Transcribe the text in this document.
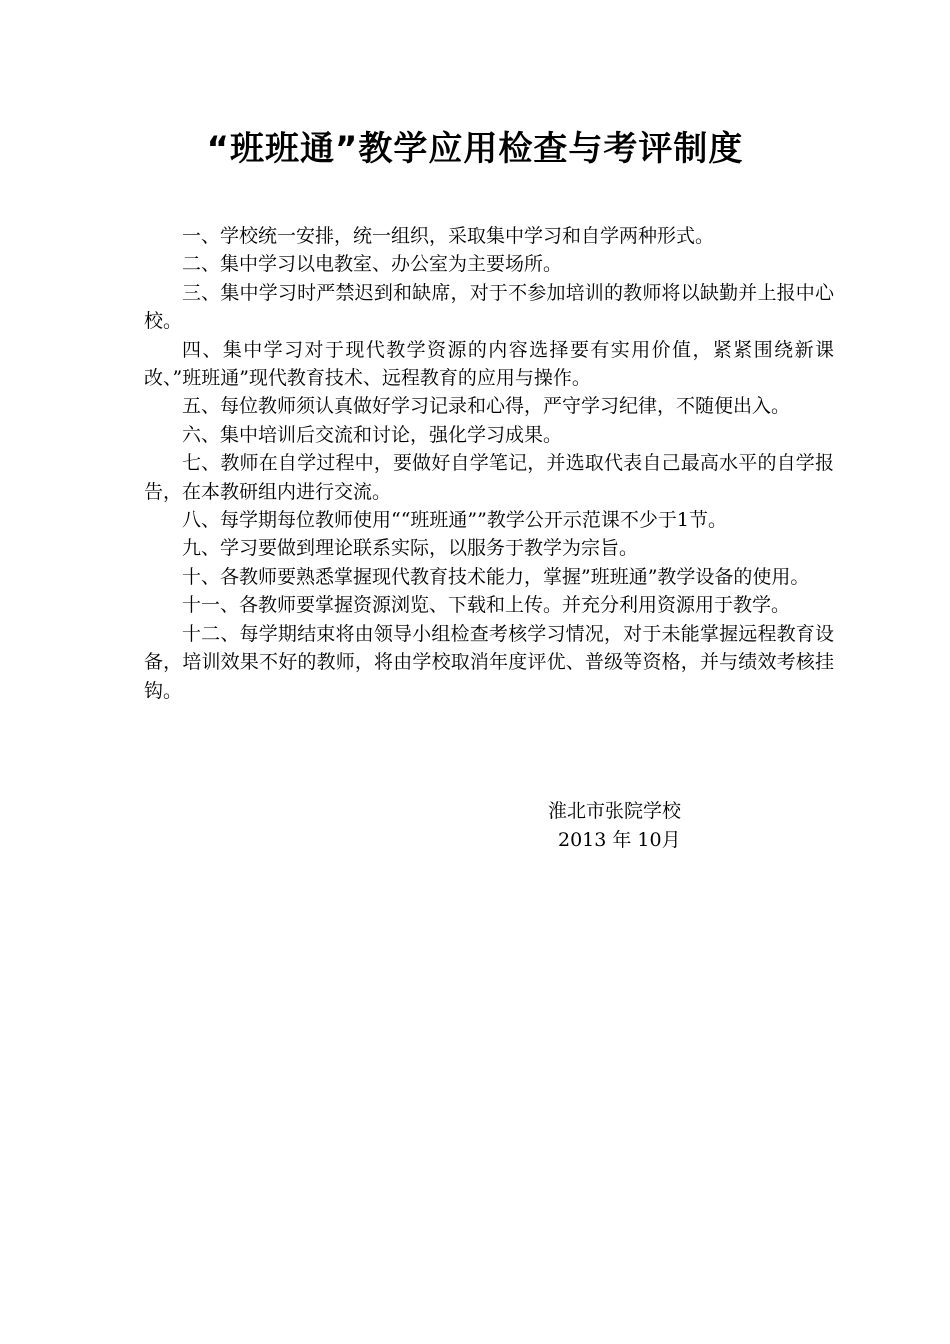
“班班通”教学应用检查与考评制度

一、学校统一安排，统一组织，采取集中学习和自学两种形式。

二、集中学习以电教室、办公室为主要场所。

三、集中学习时严禁迟到和缺席，对于不参加培训的教师将以缺勤并上报中心校。

四、集中学习对于现代教学资源的内容选择要有实用价值，紧紧围绕新课改、”班班通”现代教育技术、远程教育的应用与操作。

五、每位教师须认真做好学习记录和心得，严守学习纪律，不随便出入。

六、集中培训后交流和讨论，强化学习成果。

七、教师在自学过程中，要做好自学笔记，并选取代表自己最高水平的自学报告，在本教研组内进行交流。

八、每学期每位教师使用““班班通””教学公开示范课不少于1节。

九、学习要做到理论联系实际，以服务于教学为宗旨。

十、各教师要熟悉掌握现代教育技术能力，掌握”班班通”教学设备的使用。

十一、各教师要掌握资源浏览、下载和上传。并充分利用资源用于教学。

十二、每学期结束将由领导小组检查考核学习情况，对于未能掌握远程教育设备，培训效果不好的教师，将由学校取消年度评优、普级等资格，并与绩效考核挂钩。

淮北市张院学校
2013 年 10月
